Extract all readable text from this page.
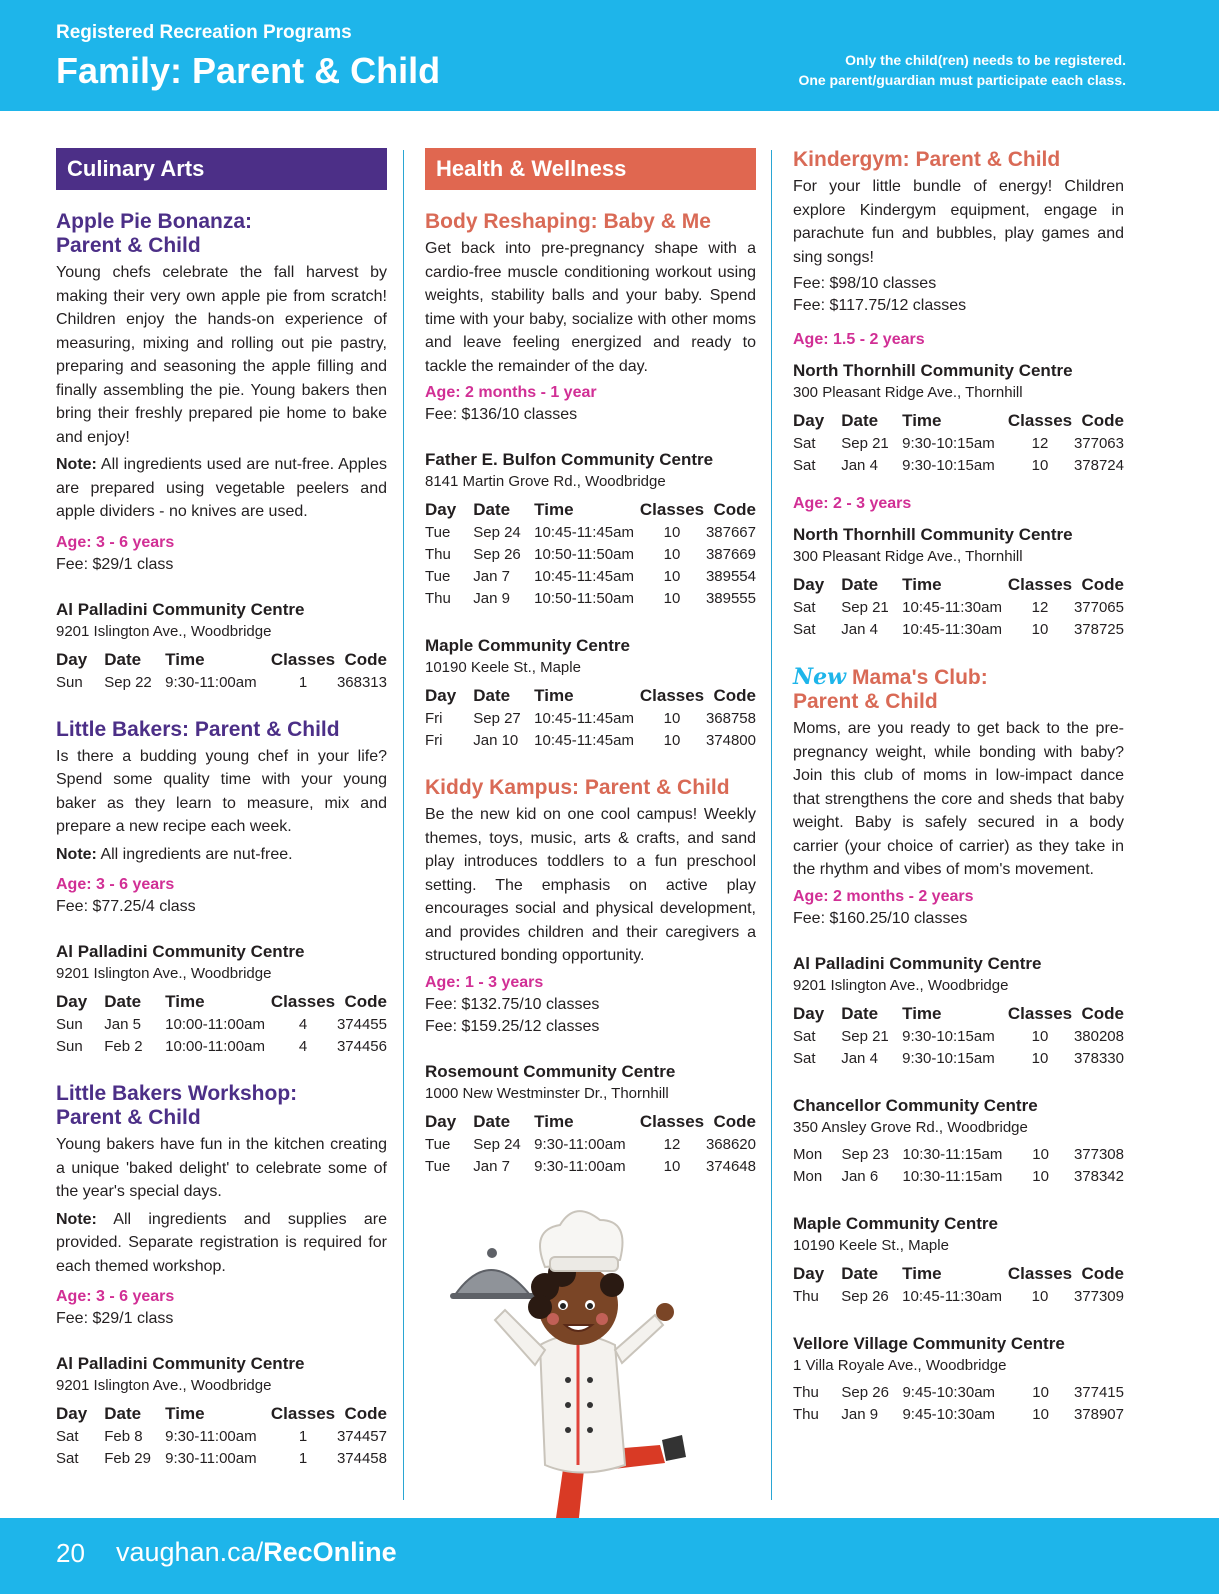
Registered Recreation Programs
Family: Parent & Child	Only the child(ren) needs to be registered.
One parent/guardian must participate each class.
Culinary Arts
Apple Pie Bonanza:
Parent & Child

Young chefs celebrate the fall harvest by making their very own apple pie from scratch! Children enjoy the hands-on experience of measuring, mixing and rolling out pie pastry, preparing and seasoning the apple filling and finally assembling the pie. Young bakers then bring their freshly prepared pie home to bake and enjoy!

Note: All ingredients used are nut-free. Apples are prepared using vegetable peelers and apple dividers - no knives are used.

Age: 3 - 6 years
Fee: $29/1 class
Al Palladini Community Centre
9201 Islington Ave., Woodbridge
Day	Date	Time	Classes	Code
Sun	Sep 22	9:30-11:00am	1	368313
Little Bakers: Parent & Child

Is there a budding young chef in your life? Spend some quality time with your young baker as they learn to measure, mix and prepare a new recipe each week.

Note: All ingredients are nut-free.

Age: 3 - 6 years
Fee: $77.25/4 class
Al Palladini Community Centre
9201 Islington Ave., Woodbridge
Day	Date	Time	Classes	Code
Sun	Jan 5	10:00-11:00am	4	374455
Sun	Feb 2	10:00-11:00am	4	374456
Little Bakers Workshop:
Parent & Child

Young bakers have fun in the kitchen creating a unique 'baked delight' to celebrate some of the year's special days.

Note: All ingredients and supplies are provided. Separate registration is required for each themed workshop.

Age: 3 - 6 years
Fee: $29/1 class
Al Palladini Community Centre
9201 Islington Ave., Woodbridge
Day	Date	Time	Classes	Code
Sat	Feb 8	9:30-11:00am	1	374457
Sat	Feb 29	9:30-11:00am	1	374458
Health & Wellness
Body Reshaping: Baby & Me

Get back into pre-pregnancy shape with a cardio-free muscle conditioning workout using weights, stability balls and your baby. Spend time with your baby, socialize with other moms and leave feeling energized and ready to tackle the remainder of the day.

Age: 2 months - 1 year
Fee: $136/10 classes
Father E. Bulfon Community Centre
8141 Martin Grove Rd., Woodbridge
Day	Date	Time	Classes	Code
Tue	Sep 24	10:45-11:45am	10	387667
Thu	Sep 26	10:50-11:50am	10	387669
Tue	Jan 7	10:45-11:45am	10	389554
Thu	Jan 9	10:50-11:50am	10	389555
Maple Community Centre
10190 Keele St., Maple
Day	Date	Time	Classes	Code
Fri	Sep 27	10:45-11:45am	10	368758
Fri	Jan 10	10:45-11:45am	10	374800
Kiddy Kampus: Parent & Child

Be the new kid on one cool campus! Weekly themes, toys, music, arts & crafts, and sand play introduces toddlers to a fun preschool setting. The emphasis on active play encourages social and physical development, and provides children and their caregivers a structured bonding opportunity.

Age: 1 - 3 years
Fee: $132.75/10 classes
Fee: $159.25/12 classes
Rosemount Community Centre
1000 New Westminster Dr., Thornhill
Day	Date	Time	Classes	Code
Tue	Sep 24	9:30-11:00am	12	368620
Tue	Jan 7	9:30-11:00am	10	374648
Kindergym: Parent & Child

For your little bundle of energy! Children explore Kindergym equipment, engage in parachute fun and bubbles, play games and sing songs!

Fee: $98/10 classes
Fee: $117.75/12 classes
Age: 1.5 - 2 years
North Thornhill Community Centre
300 Pleasant Ridge Ave., Thornhill
Day	Date	Time	Classes	Code
Sat	Sep 21	9:30-10:15am	12	377063
Sat	Jan 4	9:30-10:15am	10	378724
Age: 2 - 3 years
North Thornhill Community Centre
300 Pleasant Ridge Ave., Thornhill
Day	Date	Time	Classes	Code
Sat	Sep 21	10:45-11:30am	12	377065
Sat	Jan 4	10:45-11:30am	10	378725
New Mama's Club:
Parent & Child

Moms, are you ready to get back to the pre-pregnancy weight, while bonding with baby? Join this club of moms in low-impact dance that strengthens the core and sheds that baby weight. Baby is safely secured in a body carrier (your choice of carrier) as they take in the rhythm and vibes of mom's movement.

Age: 2 months - 2 years
Fee: $160.25/10 classes
Al Palladini Community Centre
9201 Islington Ave., Woodbridge
Day	Date	Time	Classes	Code
Sat	Sep 21	9:30-10:15am	10	380208
Sat	Jan 4	9:30-10:15am	10	378330
Chancellor Community Centre
350 Ansley Grove Rd., Woodbridge
Mon	Sep 23	10:30-11:15am	10	377308
Mon	Jan 6	10:30-11:15am	10	378342
Maple Community Centre
10190 Keele St., Maple
Day	Date	Time	Classes	Code
Thu	Sep 26	10:45-11:30am	10	377309
Vellore Village Community Centre
1 Villa Royale Ave., Woodbridge
Thu	Sep 26	9:45-10:30am	10	377415
Thu	Jan 9	9:45-10:30am	10	378907
20 vaughan.ca/RecOnline
